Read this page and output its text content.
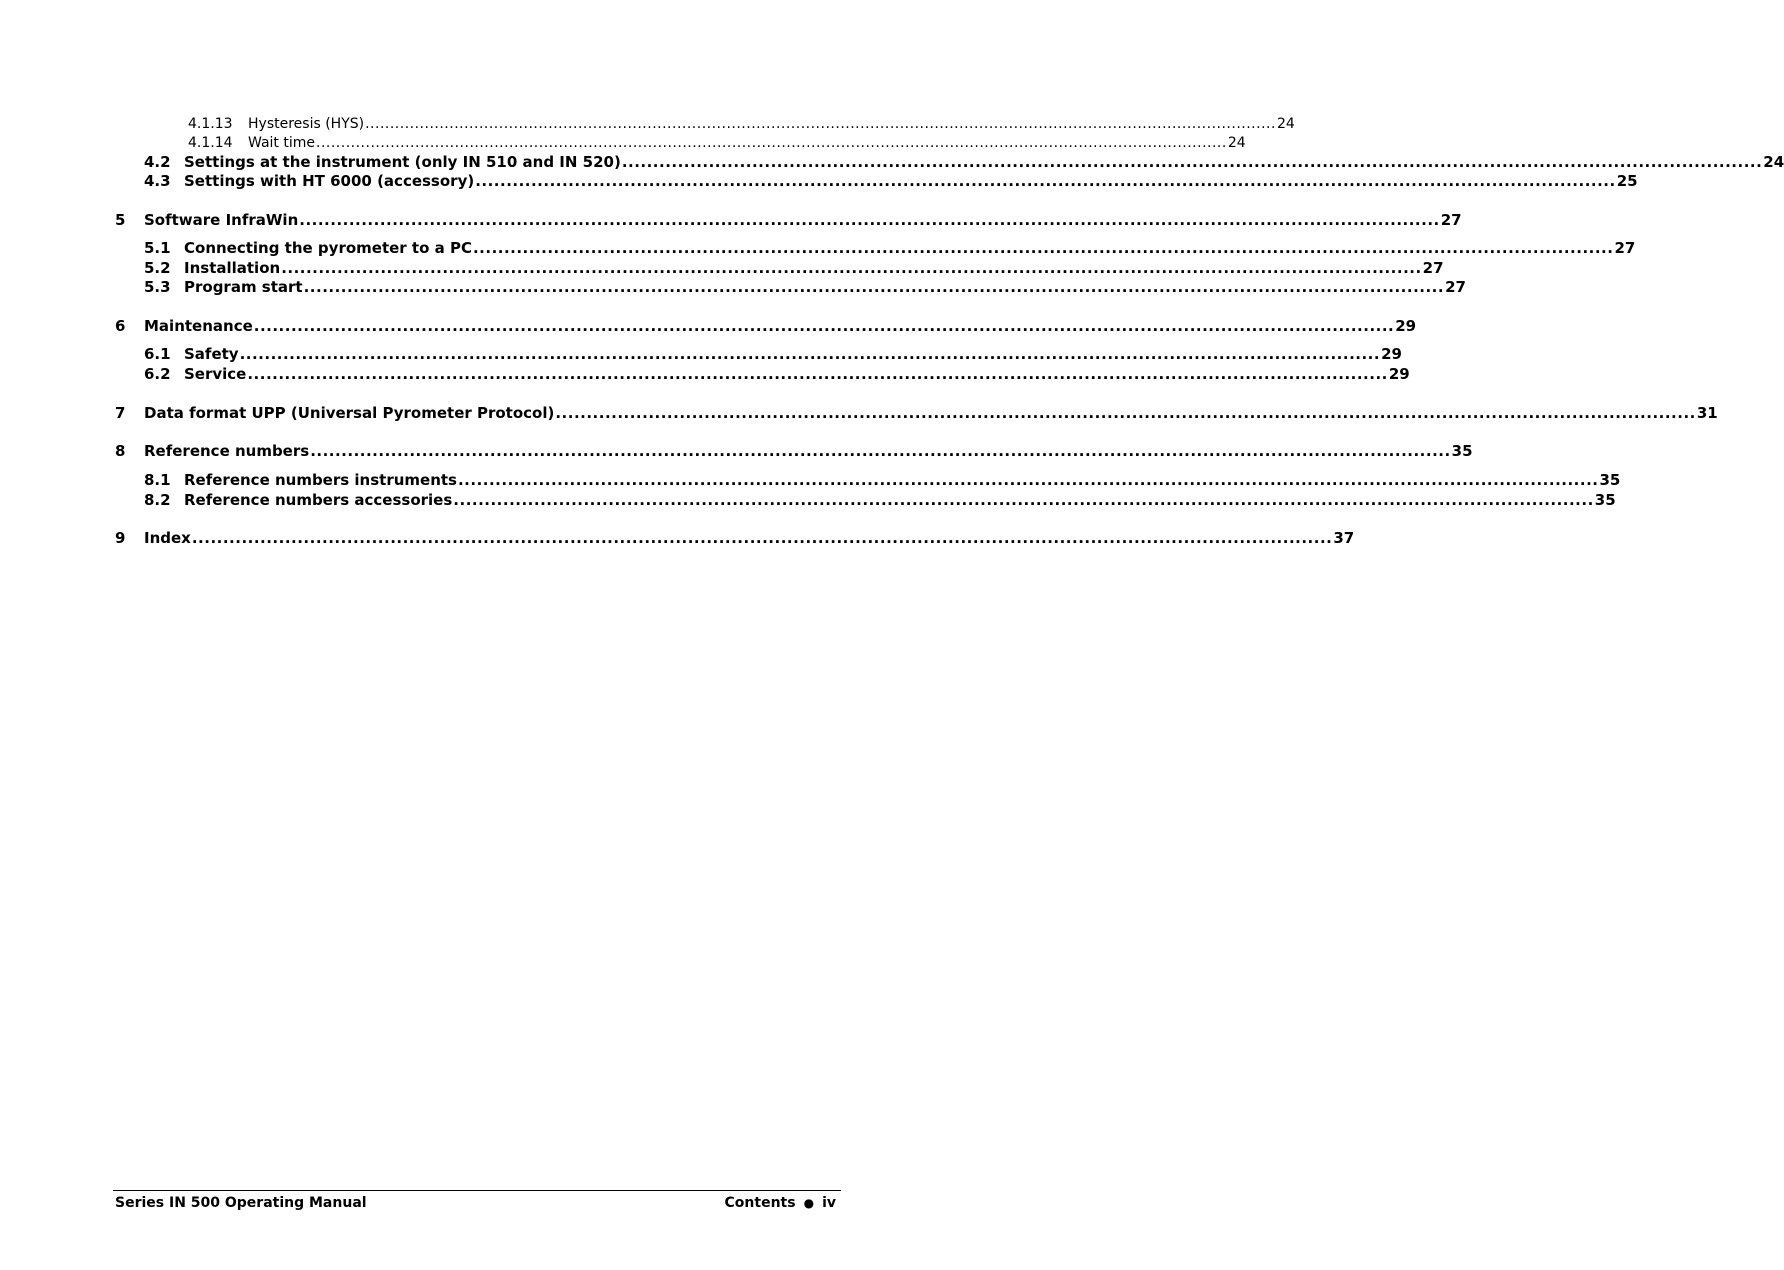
4.1.13	Hysteresis (HYS) ........................................................................................................................................................................................ 24
4.1.14	Wait time ........................................................................................................................................................................................ 24
4.2 Settings at the instrument (only IN 510 and IN 520) ........................................................................................................................................................................................ 24
4.3 Settings with HT 6000 (accessory) ........................................................................................................................................................................................ 25
5	Software InfraWin ........................................................................................................................................................................................ 27
5.1 Connecting the pyrometer to a PC ........................................................................................................................................................................................ 27
5.2 Installation ........................................................................................................................................................................................ 27
5.3 Program start ........................................................................................................................................................................................ 27
6	Maintenance ........................................................................................................................................................................................ 29
6.1 Safety ........................................................................................................................................................................................ 29
6.2 Service ........................................................................................................................................................................................ 29
7	Data format UPP (Universal Pyrometer Protocol) ........................................................................................................................................................................................ 31
8	Reference numbers ........................................................................................................................................................................................ 35
8.1 Reference numbers instruments ........................................................................................................................................................................................ 35
8.2 Reference numbers accessories ........................................................................................................................................................................................ 35
9	Index ........................................................................................................................................................................................ 37
Series IN 500 Operating Manual	Contents ● iv
